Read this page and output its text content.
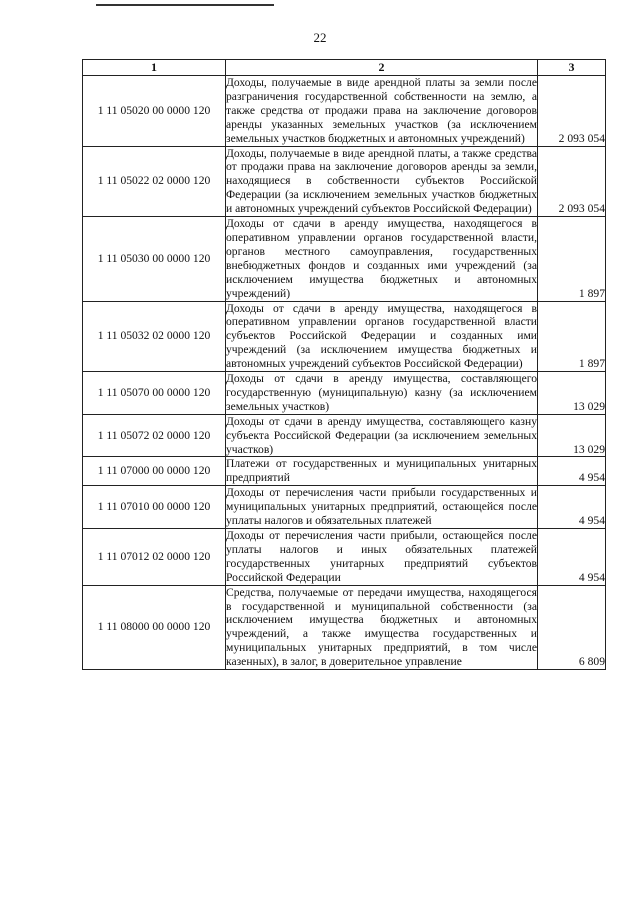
22
1	2	3
1 11 05020 00 0000 120	Доходы, получаемые в виде арендной платы за земли после разграничения государственной собственности на землю, а также средства от продажи права на заключение договоров аренды указанных земельных участков (за исключением земельных участков бюджетных и автономных учреждений)	2 093 054
1 11 05022 02 0000 120	Доходы, получаемые в виде арендной платы, а также средства от продажи права на заключение договоров аренды за земли, находящиеся в собственности субъектов Российской Федерации (за исключением земельных участков бюджетных и автономных учреждений субъектов Российской Федерации)	2 093 054
1 11 05030 00 0000 120	Доходы от сдачи в аренду имущества, находящегося в оперативном управлении органов государственной власти, органов местного самоуправления, государственных внебюджетных фондов и созданных ими учреждений (за исключением имущества бюджетных и автономных учреждений)	1 897
1 11 05032 02 0000 120	Доходы от сдачи в аренду имущества, находящегося в оперативном управлении органов государственной власти субъектов Российской Федерации и созданных ими учреждений (за исключением имущества бюджетных и автономных учреждений субъектов Российской Федерации)	1 897
1 11 05070 00 0000 120	Доходы от сдачи в аренду имущества, составляющего государственную (муниципальную) казну (за исключением земельных участков)	13 029
1 11 05072 02 0000 120	Доходы от сдачи в аренду имущества, составляющего казну субъекта Российской Федерации (за исключением земельных участков)	13 029
1 11 07000 00 0000 120	Платежи от государственных и муниципальных унитарных предприятий	4 954
1 11 07010 00 0000 120	Доходы от перечисления части прибыли государственных и муниципальных унитарных предприятий, остающейся после уплаты налогов и обязательных платежей	4 954
1 11 07012 02 0000 120	Доходы от перечисления части прибыли, остающейся после уплаты налогов и иных обязательных платежей государственных унитарных предприятий субъектов Российской Федерации	4 954
1 11 08000 00 0000 120	Средства, получаемые от передачи имущества, находящегося в государственной и муниципальной собственности (за исключением имущества бюджетных и автономных учреждений, а также имущества государственных и муниципальных унитарных предприятий, в том числе казенных), в залог, в доверительное управление	6 809
